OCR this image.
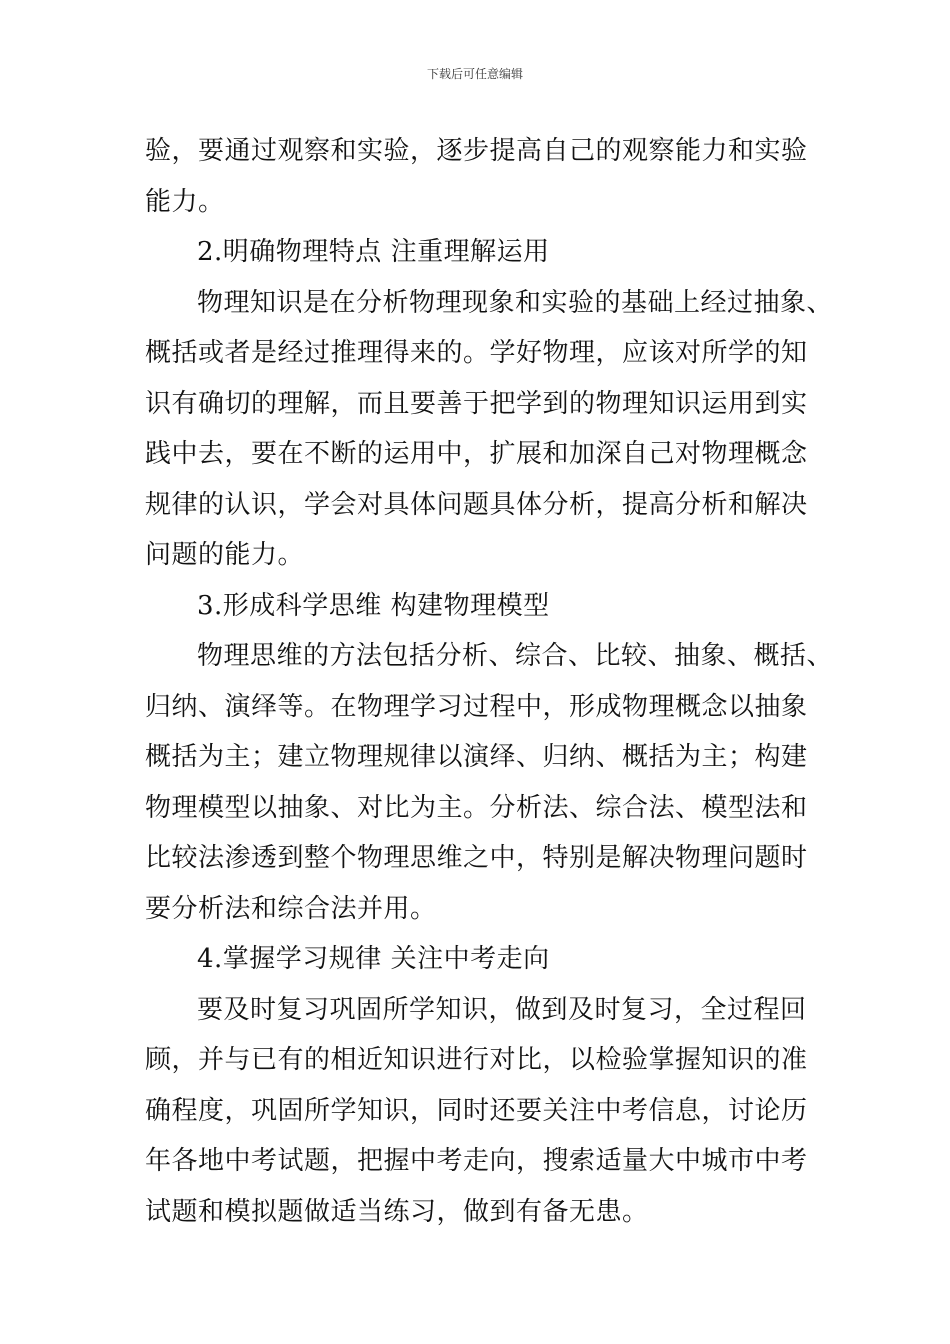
下载后可任意编辑
验，要通过观察和实验，逐步提高自己的观察能力和实验
能力。
2.明确物理特点 注重理解运用
物理知识是在分析物理现象和实验的基础上经过抽象、
概括或者是经过推理得来的。学好物理，应该对所学的知
识有确切的理解，而且要善于把学到的物理知识运用到实
践中去，要在不断的运用中，扩展和加深自己对物理概念
规律的认识，学会对具体问题具体分析，提高分析和解决
问题的能力。
3.形成科学思维 构建物理模型
物理思维的方法包括分析、综合、比较、抽象、概括、
归纳、演绎等。在物理学习过程中，形成物理概念以抽象
概括为主；建立物理规律以演绎、归纳、概括为主；构建
物理模型以抽象、对比为主。分析法、综合法、模型法和
比较法渗透到整个物理思维之中，特别是解决物理问题时
要分析法和综合法并用。
4.掌握学习规律 关注中考走向
要及时复习巩固所学知识，做到及时复习，全过程回
顾，并与已有的相近知识进行对比，以检验掌握知识的准
确程度，巩固所学知识，同时还要关注中考信息，讨论历
年各地中考试题，把握中考走向，搜索适量大中城市中考
试题和模拟题做适当练习，做到有备无患。
